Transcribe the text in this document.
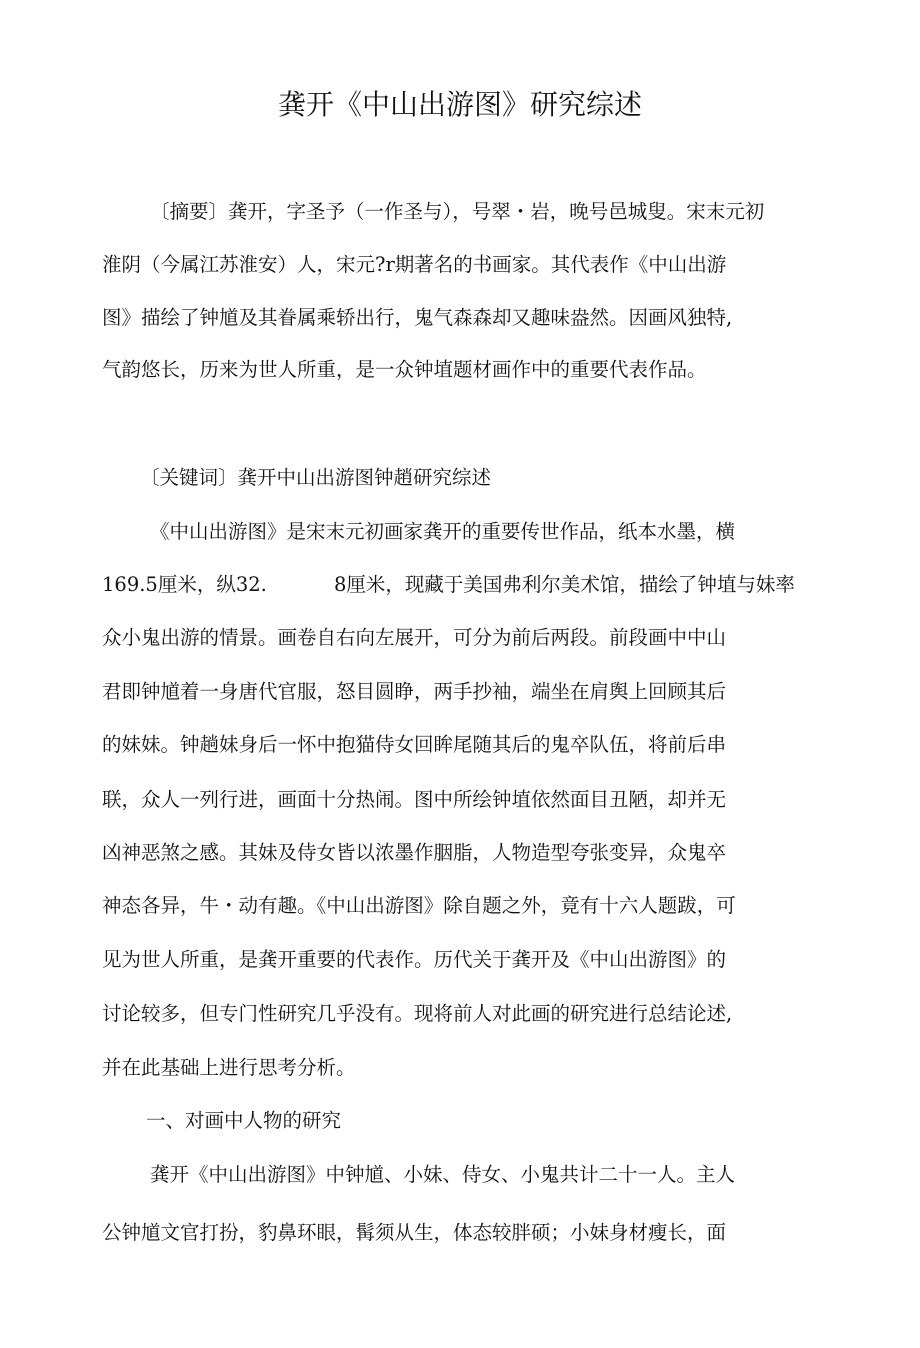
龚开《中山出游图》研究综述
〔摘要〕龚开，字圣予（一作圣与），号翠・岩，晚号邑城叟。宋末元初
淮阴（今属江苏淮安）人，宋元?r期著名的书画家。其代表作《中山出游
图》描绘了钟馗及其眷属乘轿出行，鬼气森森却又趣味盎然。因画风独特,
气韵悠长，历来为世人所重，是一众钟埴题材画作中的重要代表作品。
〔关键词〕龚开中山出游图钟趙研究综述
《中山出游图》是宋末元初画家龚开的重要传世作品，纸本水墨，横
169.5厘米，纵32.	8厘米，现藏于美国弗利尔美术馆，描绘了钟埴与妹率
众小鬼出游的情景。画卷自右向左展开，可分为前后两段。前段画中中山
君即钟馗着一身唐代官服，怒目圆睁，两手抄袖，端坐在肩舆上回顾其后
的妹妹。钟趟妹身后一怀中抱猫侍女回眸尾随其后的鬼卒队伍，将前后串
联，众人一列行进，画面十分热闹。图中所绘钟埴依然面目丑陋，却并无
凶神恶煞之感。其妹及侍女皆以浓墨作胭脂，人物造型夸张变异，众鬼卒
神态各异，牛・动有趣。《中山出游图》除自题之外，竟有十六人题跋，可
见为世人所重，是龚开重要的代表作。历代关于龚开及《中山出游图》的
讨论较多，但专门性研究几乎没有。现将前人对此画的研究进行总结论述,
并在此基础上进行思考分析。
一、对画中人物的研究
龚开《中山出游图》中钟馗、小妹、侍女、小鬼共计二十一人。主人
公钟馗文官打扮，豹鼻环眼，髯须从生，体态较胖硕；小妹身材瘦长，面
